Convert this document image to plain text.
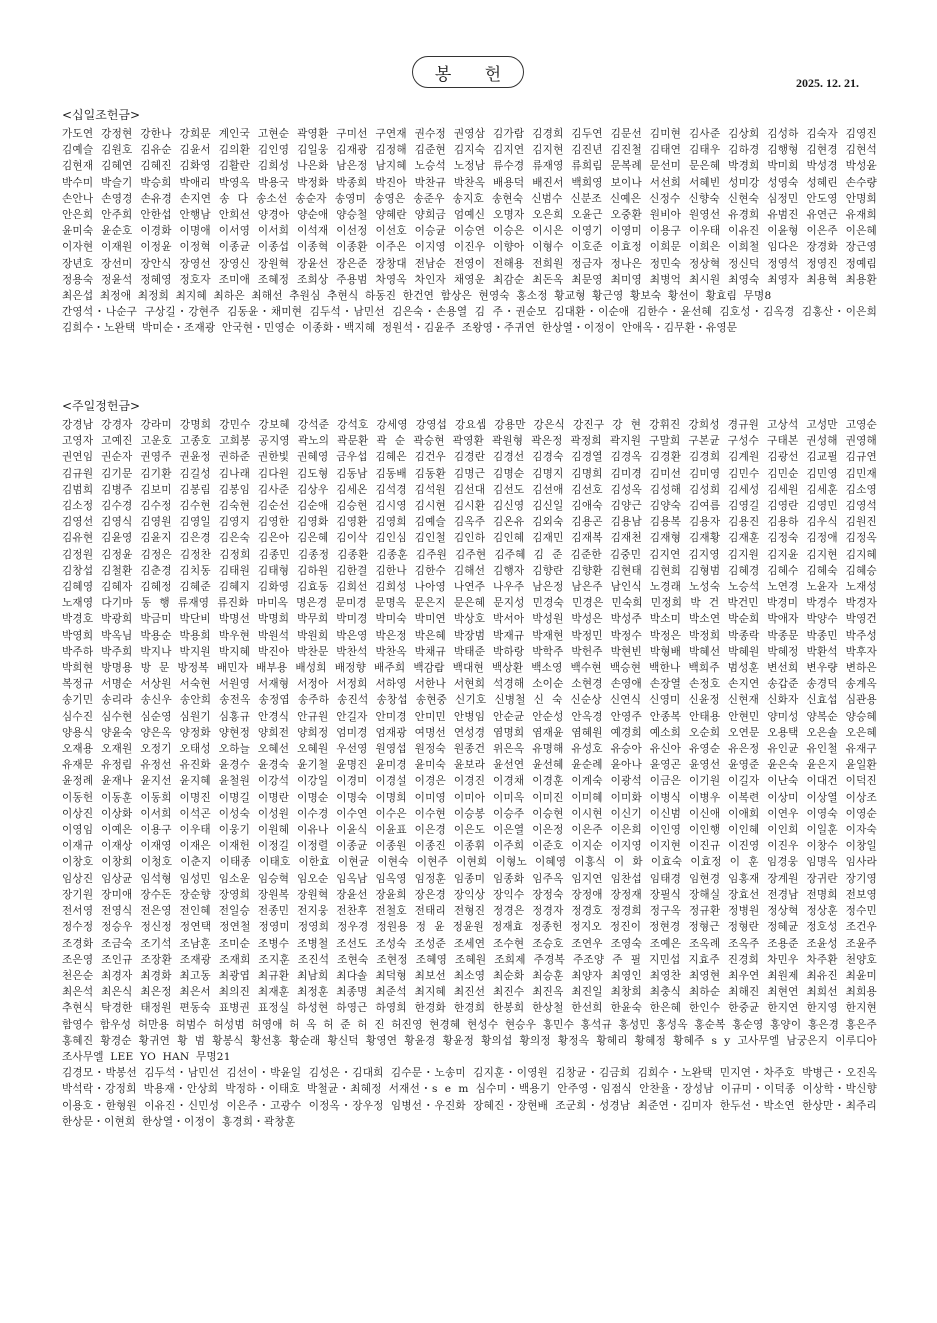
봉 헌	2025. 12. 21.
<십일조헌금>
가도연 강정현 강한나 강희문 계인국 고현순 곽영환 구미선 구연재 권수정 권영삼 김가람 김경희 김두연 김문선 김미현 김사준 김상희 김성하 김숙자 김영진 김예슬 김원호 김유순 김윤서 김의환 김인영 김일웅 김재광 김정해 김준현 김지숙 김지연 김지현 김진년 김진철 김태연 김태우 김하경 김행형 김현경 김현석 김현재 김혜연 김혜진 김화영 김활란 김희성 나은화 남은정 남지혜 노승석 노정남 류수경 류재영 류희림 문복례 문선미 문은혜 박경희 박미희 박성경 박성윤 박수미 박슬기 박승희 박애리 박영옥 박용국 박정화 박종희 박진아 박찬규 박찬옥 배용덕 배진서 백희영 보이나 서선희 서혜빈 성미강 성영숙 성혜린 손수량 손안나 손영경 손유경 손지연 송 다 송소선 송순자 송영미 송영은 송준우 송지호 송현숙 신범수 신분조 신예은 신정수 신향숙 신현숙 심정민 안도영 안명희 안은희 안주희 안한섭 안행남 안희선 양경아 양순애 양승철 양혜란 양희금 엄예신 오명자 오은희 오윤근 오중환 원비아 원영선 유경희 유범진 유연근 유재희 윤미숙 윤순호 이경화 이명애 이서영 이서희 이석재 이선정 이선호 이승균 이승연 이승은 이시은 이영기 이영미 이용구 이우태 이유진 이윤형 이은주 이은혜 이자현 이재원 이정윤 이정혁 이종균 이종섭 이종혁 이종환 이주은 이지영 이진우 이향아 이형수 이호준 이효정 이희문 이희은 이희철 임다은 장경화 장근영 장년호 장선미 장안식 장영선 장영신 장원혁 장윤선 장은준 장창대 전남순 전영이 전해용 전희원 정금자 정나은 정민숙 정상혁 정신덕 정영석 정영진 정예림 정용숙 정윤석 정혜영 정호자 조미애 조혜정 조희상 주용범 차영옥 차인자 채영운 최감순 최돈옥 최문영 최미영 최병억 최시원 최영숙 최영자 최용혁 최용환 최은섭 최정애 최정희 최지혜 최하은 최해선 추원심 추현식 하동진 한건연 함상은 현영숙 홍소정 황교형 황근영 황보숙 황선이 황효림 무명8
간영석・나순구 구상길・강현주 김동윤・채미현 김두석・남민선 김은숙・손용열 김 주・권순모 김대환・이순애 김한수・윤선혜 김호성・김옥경 김홍산・이은희 김희수・노완택 박미순・조재광 안국현・민영순 이종화・백지혜 정원석・김윤주 조왕영・주귀연 한상열・이정이 안애옥・김무환・유영문
<주일정헌금>
강경남 강경자 강라미 강명희 강민수 강보혜 강석준 강석호 강세영 강영섭 강요셉 강용만 강은식 강진구 강 현 강휘진 강희성 경규원 고상석 고성만 고영순 고영자 고예진 고운호 고종호 고희봉 공지영 곽노의 곽문환 곽 순 곽승현 곽영환 곽원형 곽은정 곽정희 곽지원 구말희 구본균 구성수 구태본 권성해 권영해 권연임 권순자 권영주 권윤정 권하준 권한빛 권혜영 금우섭 김혜은 김건우 김경란 김경선 김경숙 김경열 김경옥 김경환 김경희 김계원 김광선 김교필 김규연 김규원 김기문 김기환 김길성 김나래 김다원 김도형 김동남 김동배 김동환 김명근 김명순 김명지 김명희 김미경 김미선 김미영 김민수 김민순 김민영 김민재 김범희 김병주 김보미 김봉림 김봉임 김사준 김상우 김세온 김석경 김석원 김선대 김선도 김선애 김선호 김성옥 김성해 김성희 김세성 김세원 김세훈 김소영 김소정 김수경 김수정 김수현 김숙현 김순선 김순애 김승현 김시영 김시현 김시환 김신영 김신일 김애숙 김양근 김양숙 김여름 김영길 김영란 김영민 김영석 김영선 김영식 김영원 김영일 김영지 김영한 김영화 김영환 김영희 김예슬 김옥주 김온유 김외숙 김용곤 김용남 김용복 김용자 김용진 김용하 김우식 김원진 김유현 김윤영 김윤지 김은경 김은숙 김은아 김은혜 김이삭 김인심 김인철 김인하 김인혜 김재민 김재복 김재천 김재형 김재황 김재훈 김정숙 김정애 김정옥 김정원 김정윤 김정은 김정찬 김정희 김종민 김종정 김종환 김종훈 김주원 김주현 김주혜 김 준 김준한 김중민 김지연 김지영 김지원 김지윤 김지현 김지혜 김창섭 김철환 김춘경 김치동 김태원 김태형 김하원 김한결 김한나 김한수 김해선 김행자 김향란 김향환 김현태 김현희 김형범 김혜경 김혜수 김혜숙 김혜승 김혜영 김혜자 김혜정 김혜준 김혜지 김화영 김효동 김희선 김희성 나아영 나연주 나우주 남은정 남은주 남인식 노경래 노성숙 노승석 노연경 노윤자 노재성 노재영 다기마 동 행 류재영 류진화 마미옥 명은경 문미경 문명옥 문은지 문은혜 문지성 민경숙 민경은 민숙희 민정희 박 건 박건민 박경미 박경수 박경자 박경호 박광희 박금미 박단비 박명선 박명희 박무희 박미경 박미숙 박미연 박상호 박서아 박성원 박성은 박성주 박소미 박소연 박순희 박애자 박양수 박영건 박영희 박옥님 박용순 박용희 박우현 박원석 박원희 박은영 박은정 박은혜 박장범 박재규 박재현 박정민 박정수 박정은 박정희 박종락 박종문 박종민 박주성 박주하 박주희 박지나 박지원 박지혜 박진아 박찬문 박찬석 박찬옥 박채규 박태준 박하랑 박학주 박헌주 박현빈 박형배 박혜선 박혜원 박혜정 박환석 박후자 박희현 방명용 방 문 방정복 배민자 배부용 배성희 배정향 배주희 백감람 백대현 백상환 백소영 백수현 백승현 백한나 백희주 범성훈 변선희 변우량 변하은 복정규 서명순 서상원 서숙현 서원영 서재형 서정아 서정희 서하영 서한나 서현희 석경해 소이순 소현경 손영애 손장열 손정호 손지연 송갑준 송경덕 송계옥 송기민 송리라 송신우 송안희 송전옥 송정엽 송주하 송진석 송창섭 송현중 신기호 신병철 신 숙 신순상 신연식 신영미 신윤정 신현재 신화자 신효섭 심관용 심수진 심수현 심순영 심원기 심홍규 안경식 안규원 안길자 안미경 안미민 안병임 안순균 안순성 안옥경 안영주 안종복 안태용 안현민 양미성 양복순 양승혜 양용식 양윤숙 양은옥 양정화 양현정 양희전 양희정 엄미경 엄재광 여명선 연성경 염명희 염재윤 염혜원 예경희 예소희 오순희 오연문 오용택 오은솔 오은혜 오재용 오재원 오정기 오태성 오하늘 오혜선 오혜원 우선영 원영섭 원정숙 원종건 위은옥 유명해 유성호 유승아 유신아 유영순 유은정 유인균 유인철 유재구 유재문 유정림 유정선 유진화 윤경수 윤경숙 윤기철 윤명진 윤미경 윤미숙 윤보라 윤선연 윤선혜 윤순례 윤아나 윤영곤 윤영선 윤영준 윤은숙 윤은지 윤일환 윤정례 윤재나 윤지선 윤지혜 윤철원 이강석 이강일 이경미 이경설 이경은 이경진 이경채 이경훈 이계숙 이광석 이금은 이기원 이길자 이난숙 이대건 이덕진 이동헌 이동훈 이동희 이명진 이명길 이명란 이명순 이명숙 이명희 이미영 이미아 이미옥 이미진 이미혜 이미화 이병식 이병우 이복련 이상미 이상열 이상조 이상진 이상화 이서희 이석곤 이성숙 이성원 이수경 이수연 이수은 이수현 이승봉 이승주 이승현 이시현 이신기 이신범 이신애 이애희 이연우 이영숙 이영순 이영임 이예은 이용구 이우태 이웅기 이원혜 이유나 이윤식 이윤표 이은경 이은도 이은열 이은정 이은주 이은희 이인영 이인행 이인혜 이인희 이일훈 이자숙 이재규 이재상 이재영 이재은 이재헌 이정길 이정렬 이종균 이종원 이종진 이종휘 이주희 이준호 이지순 이지영 이지현 이진규 이진영 이진우 이창수 이창일 이창호 이창희 이청호 이춘지 이태종 이태호 이한효 이현균 이현숙 이현주 이현희 이형노 이혜영 이홍식 이 화 이효숙 이효정 이 훈 임경웅 임명옥 임사라 임상진 임상균 임석형 임성민 임소운 임승혁 임오순 임옥남 임옥영 임정훈 임종미 임종화 임주옥 임지연 임찬섭 임태경 임현경 임홍재 장계원 장귀란 장기영 장기원 장미애 장수돈 장순향 장영희 장원복 장원혁 장윤선 장윤희 장은경 장익상 장익수 장정숙 장정애 장정재 장필식 장해실 장효선 전경남 전명희 전보영 전서영 전영식 전은영 전인혜 전일승 전종민 전지웅 전찬후 전철호 전태리 전형진 정경은 정경자 정경호 정경희 정구옥 정규환 정병원 정상혁 정상훈 정수민 정수정 정승우 정신정 정연택 정연철 정영미 정영희 정우경 정원용 정 윤 정윤원 정재효 정종헌 정지오 정진이 정현경 정형근 정형란 정혜균 정호성 조건우 조경화 조금숙 조기석 조남훈 조미순 조병수 조병철 조선도 조성숙 조성준 조세연 조수현 조승호 조연우 조영숙 조예은 조옥례 조옥주 조용준 조윤성 조윤주 조은영 조인규 조장환 조재광 조재희 조지훈 조진석 조현숙 조현정 조혜영 조혜원 조희제 주경복 주조양 주 필 지민섭 지효주 진경희 차민우 차주환 천양호 천은순 최경자 최경화 최고동 최광엽 최규환 최남희 최다솔 최덕형 최보선 최소영 최순화 최승훈 최양자 최영인 최영찬 최영현 최우연 최원제 최유진 최윤미 최은석 최은식 최은정 최은서 최의진 최재훈 최정훈 최종명 최준석 최지혜 최진선 최진수 최진옥 최진일 최창희 최충식 최하순 최해진 최현연 최희선 최희용 추현식 탁경한 태정원 편동숙 표병권 표정실 하성현 하영근 하영희 한경화 한경희 한봉희 한상철 한선희 한윤숙 한은혜 한인수 한중균 한지연 한지영 한지현 함영수 함우성 허만용 허범수 허성범 허영애 허 옥 허 준 허 진 허진영 현경혜 현성수 현승우 홍민수 홍석규 홍성민 홍성옥 홍순복 홍순영 홍양이 홍은경 홍은주 홍혜진 황경순 황귀연 황 범 황봉식 황선홍 황순래 황신덕 황영연 황윤경 황윤정 황의섭 황의정 황정옥 황혜리 황혜정 황혜주 s y 고사무엘 남궁은지 이루디아 조사무엘 LEE YO HAN 무명21
김경모・박봉선 김두석・남민선 김선이・박윤일 김성은・김대희 김수문・노송미 김지훈・이영원 김창균・김금희 김희수・노완택 민지연・차주호 박병근・오진옥 박석락・강정희 박용재・안상희 박정하・이태호 박철균・최혜정 서재선・s e m 심수미・백용기 안주영・임점식 안찬율・장성남 이규미・이덕종 이상학・박신향 이용호・한형원 이유진・신민성 이은주・고광수 이정옥・장우정 임병선・우진화 장혜진・장현배 조군희・성경남 최준연・김미자 한두선・박소연 한상만・최주리 한상문・이현희 한상열・이정이 홍경희・곽창훈
